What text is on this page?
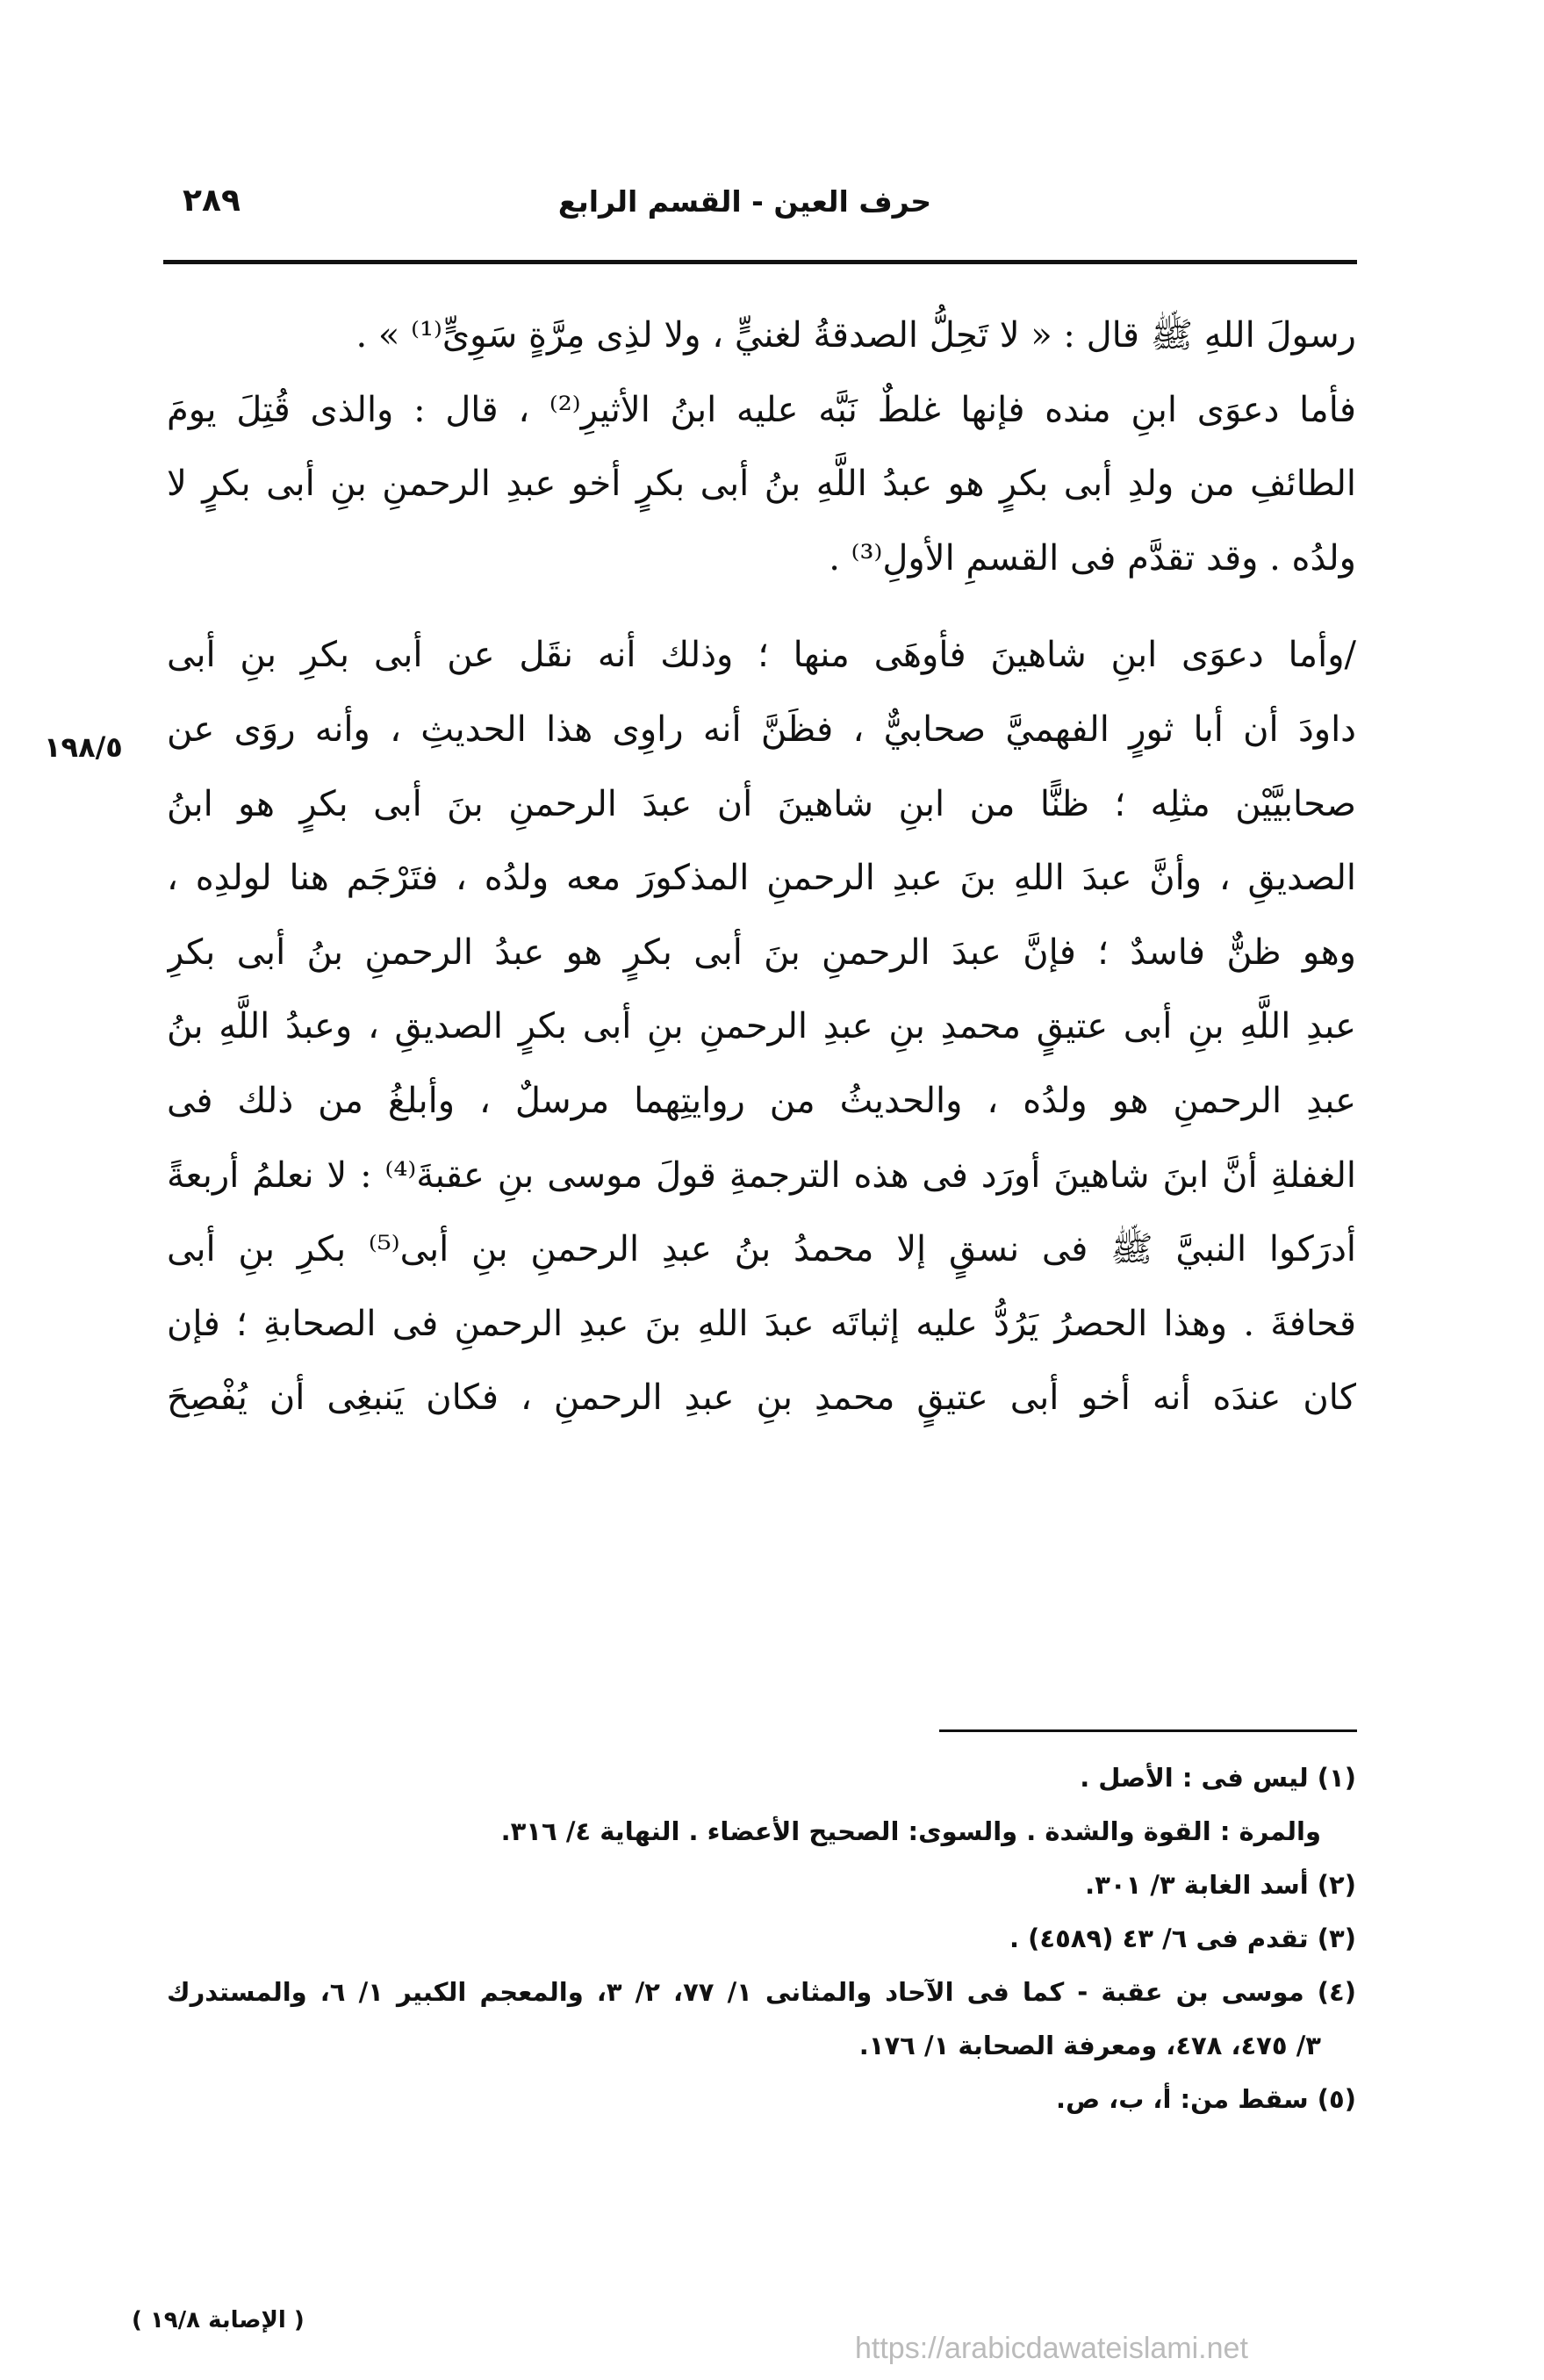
حرف العين - القسم الرابع
٢٨٩
رسولَ اللهِ ﷺ قال : « لا تَحِلُّ الصدقةُ لغنيٍّ ، ولا لذِى مِرَّةٍ سَوِىٍّ⁽¹⁾ » .
فأما دعوَى ابنِ منده فإنها غلطٌ نَبَّه عليه ابنُ الأثيرِ⁽²⁾ ، قال : والذى قُتِلَ يومَ
الطائفِ من ولدِ أبى بكرٍ هو عبدُ اللَّهِ بنُ أبى بكرٍ أخو عبدِ الرحمنِ بنِ أبى بكرٍ لا
ولدُه . وقد تقدَّم فى القسمِ الأولِ⁽³⁾ .
/وأما دعوَى ابنِ شاهينَ فأوهَى منها ؛ وذلك أنه نقَل عن أبى بكرِ بنِ أبى
داودَ أن أبا ثورٍ الفهميَّ صحابيٌّ ، فظَنَّ أنه راوِى هذا الحديثِ ، وأنه روَى عن
صحابيَّيْن مثلِه ؛ ظنًّا من ابنِ شاهينَ أن عبدَ الرحمنِ بنَ أبى بكرٍ هو ابنُ
الصديقِ ، وأنَّ عبدَ اللهِ بنَ عبدِ الرحمنِ المذكورَ معه ولدُه ، فتَرْجَم هنا لولدِه ،
وهو ظنٌّ فاسدٌ ؛ فإنَّ عبدَ الرحمنِ بنَ أبى بكرٍ هو عبدُ الرحمنِ بنُ أبى بكرِ
عبدِ اللَّهِ بنِ أبى عتيقٍ محمدِ بنِ عبدِ الرحمنِ بنِ أبى بكرٍ الصديقِ ، وعبدُ اللَّهِ بنُ
عبدِ الرحمنِ هو ولدُه ، والحديثُ من روايتِهما مرسلٌ ، وأبلغُ من ذلك فى
الغفلةِ أنَّ ابنَ شاهينَ أورَد فى هذه الترجمةِ قولَ موسى بنِ عقبةَ⁽⁴⁾ : لا نعلمُ أربعةً
أدرَكوا النبيَّ ﷺ فى نسقٍ إلا محمدُ بنُ عبدِ الرحمنِ بنِ أبى⁽⁵⁾ بكرِ بنِ أبى
قحافةَ . وهذا الحصرُ يَرُدُّ عليه إثباتَه عبدَ اللهِ بنَ عبدِ الرحمنِ فى الصحابةِ ؛ فإن
كان عندَه أنه أخو أبى عتيقٍ محمدِ بنِ عبدِ الرحمنِ ، فكان يَنبغِى أن يُفْصِحَ
١٩٨/٥
(١) ليس فى : الأصل .
والمرة : القوة والشدة . والسوى: الصحيح الأعضاء . النهاية ٤/ ٣١٦.
(٢) أسد الغابة ٣/ ٣٠١.
(٣) تقدم فى ٦/ ٤٣ (٤٥٨٩) .
(٤) موسى بن عقبة - كما فى الآحاد والمثانى ١/ ٧٧، ٢/ ٣، والمعجم الكبير ١/ ٦، والمستدرك
٣/ ٤٧٥، ٤٧٨، ومعرفة الصحابة ١/ ١٧٦.
(٥) سقط من: أ، ب، ص.
( الإصابة ١٩/٨ )
https://arabicdawateislami.net
